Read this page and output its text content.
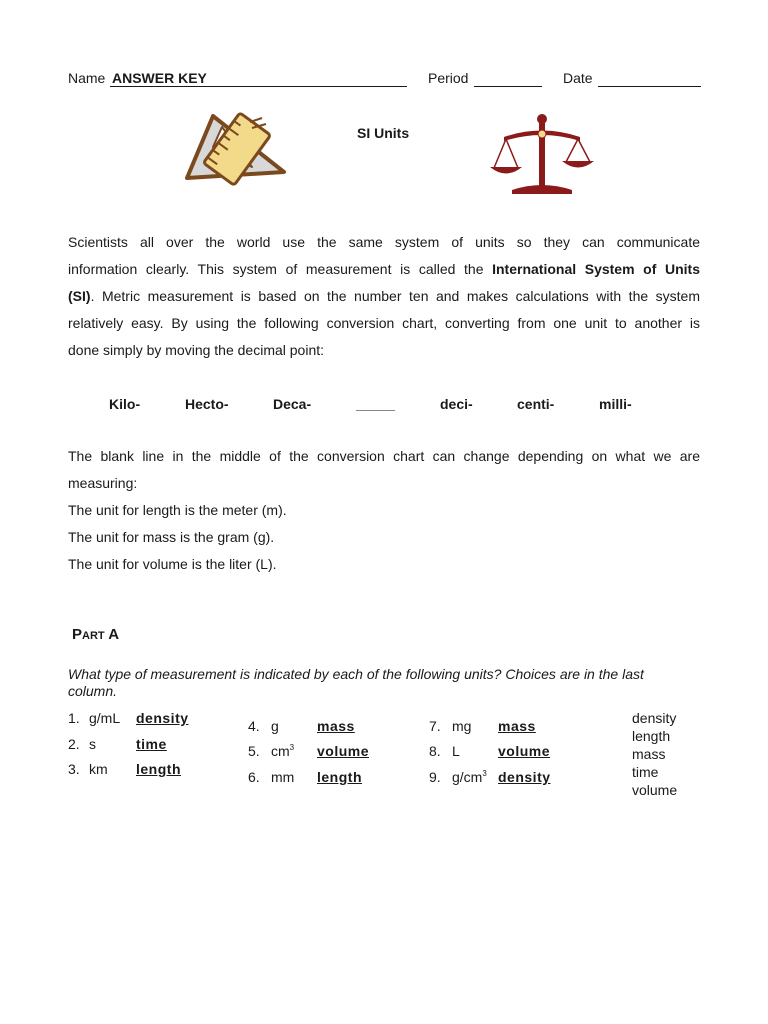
Name ANSWER KEY	Period	Date
SI Units
Scientists all over the world use the same system of units so they can communicate
information clearly. This system of measurement is called the International System of Units
(SI). Metric measurement is based on the number ten and makes calculations with the system
relatively easy. By using the following conversion chart, converting from one unit to another is
done simply by moving the decimal point:
Kilo-	Hecto-	Deca-	_____	deci-	centi-	milli-
The blank line in the middle of the conversion chart can change depending on what we are
measuring:
The unit for length is the meter (m).
The unit for mass is the gram (g).
The unit for volume is the liter (L).
Part A
What type of measurement is indicated by each of the following units? Choices are in the last
column.
1. g/mL density
2. s	time
3. km length
4. g	mass
5. $cm^3$ volume
6. mm length
7. mg mass
8. L	volume
9. $g/cm^3$ density
density
length
mass
time
volume
